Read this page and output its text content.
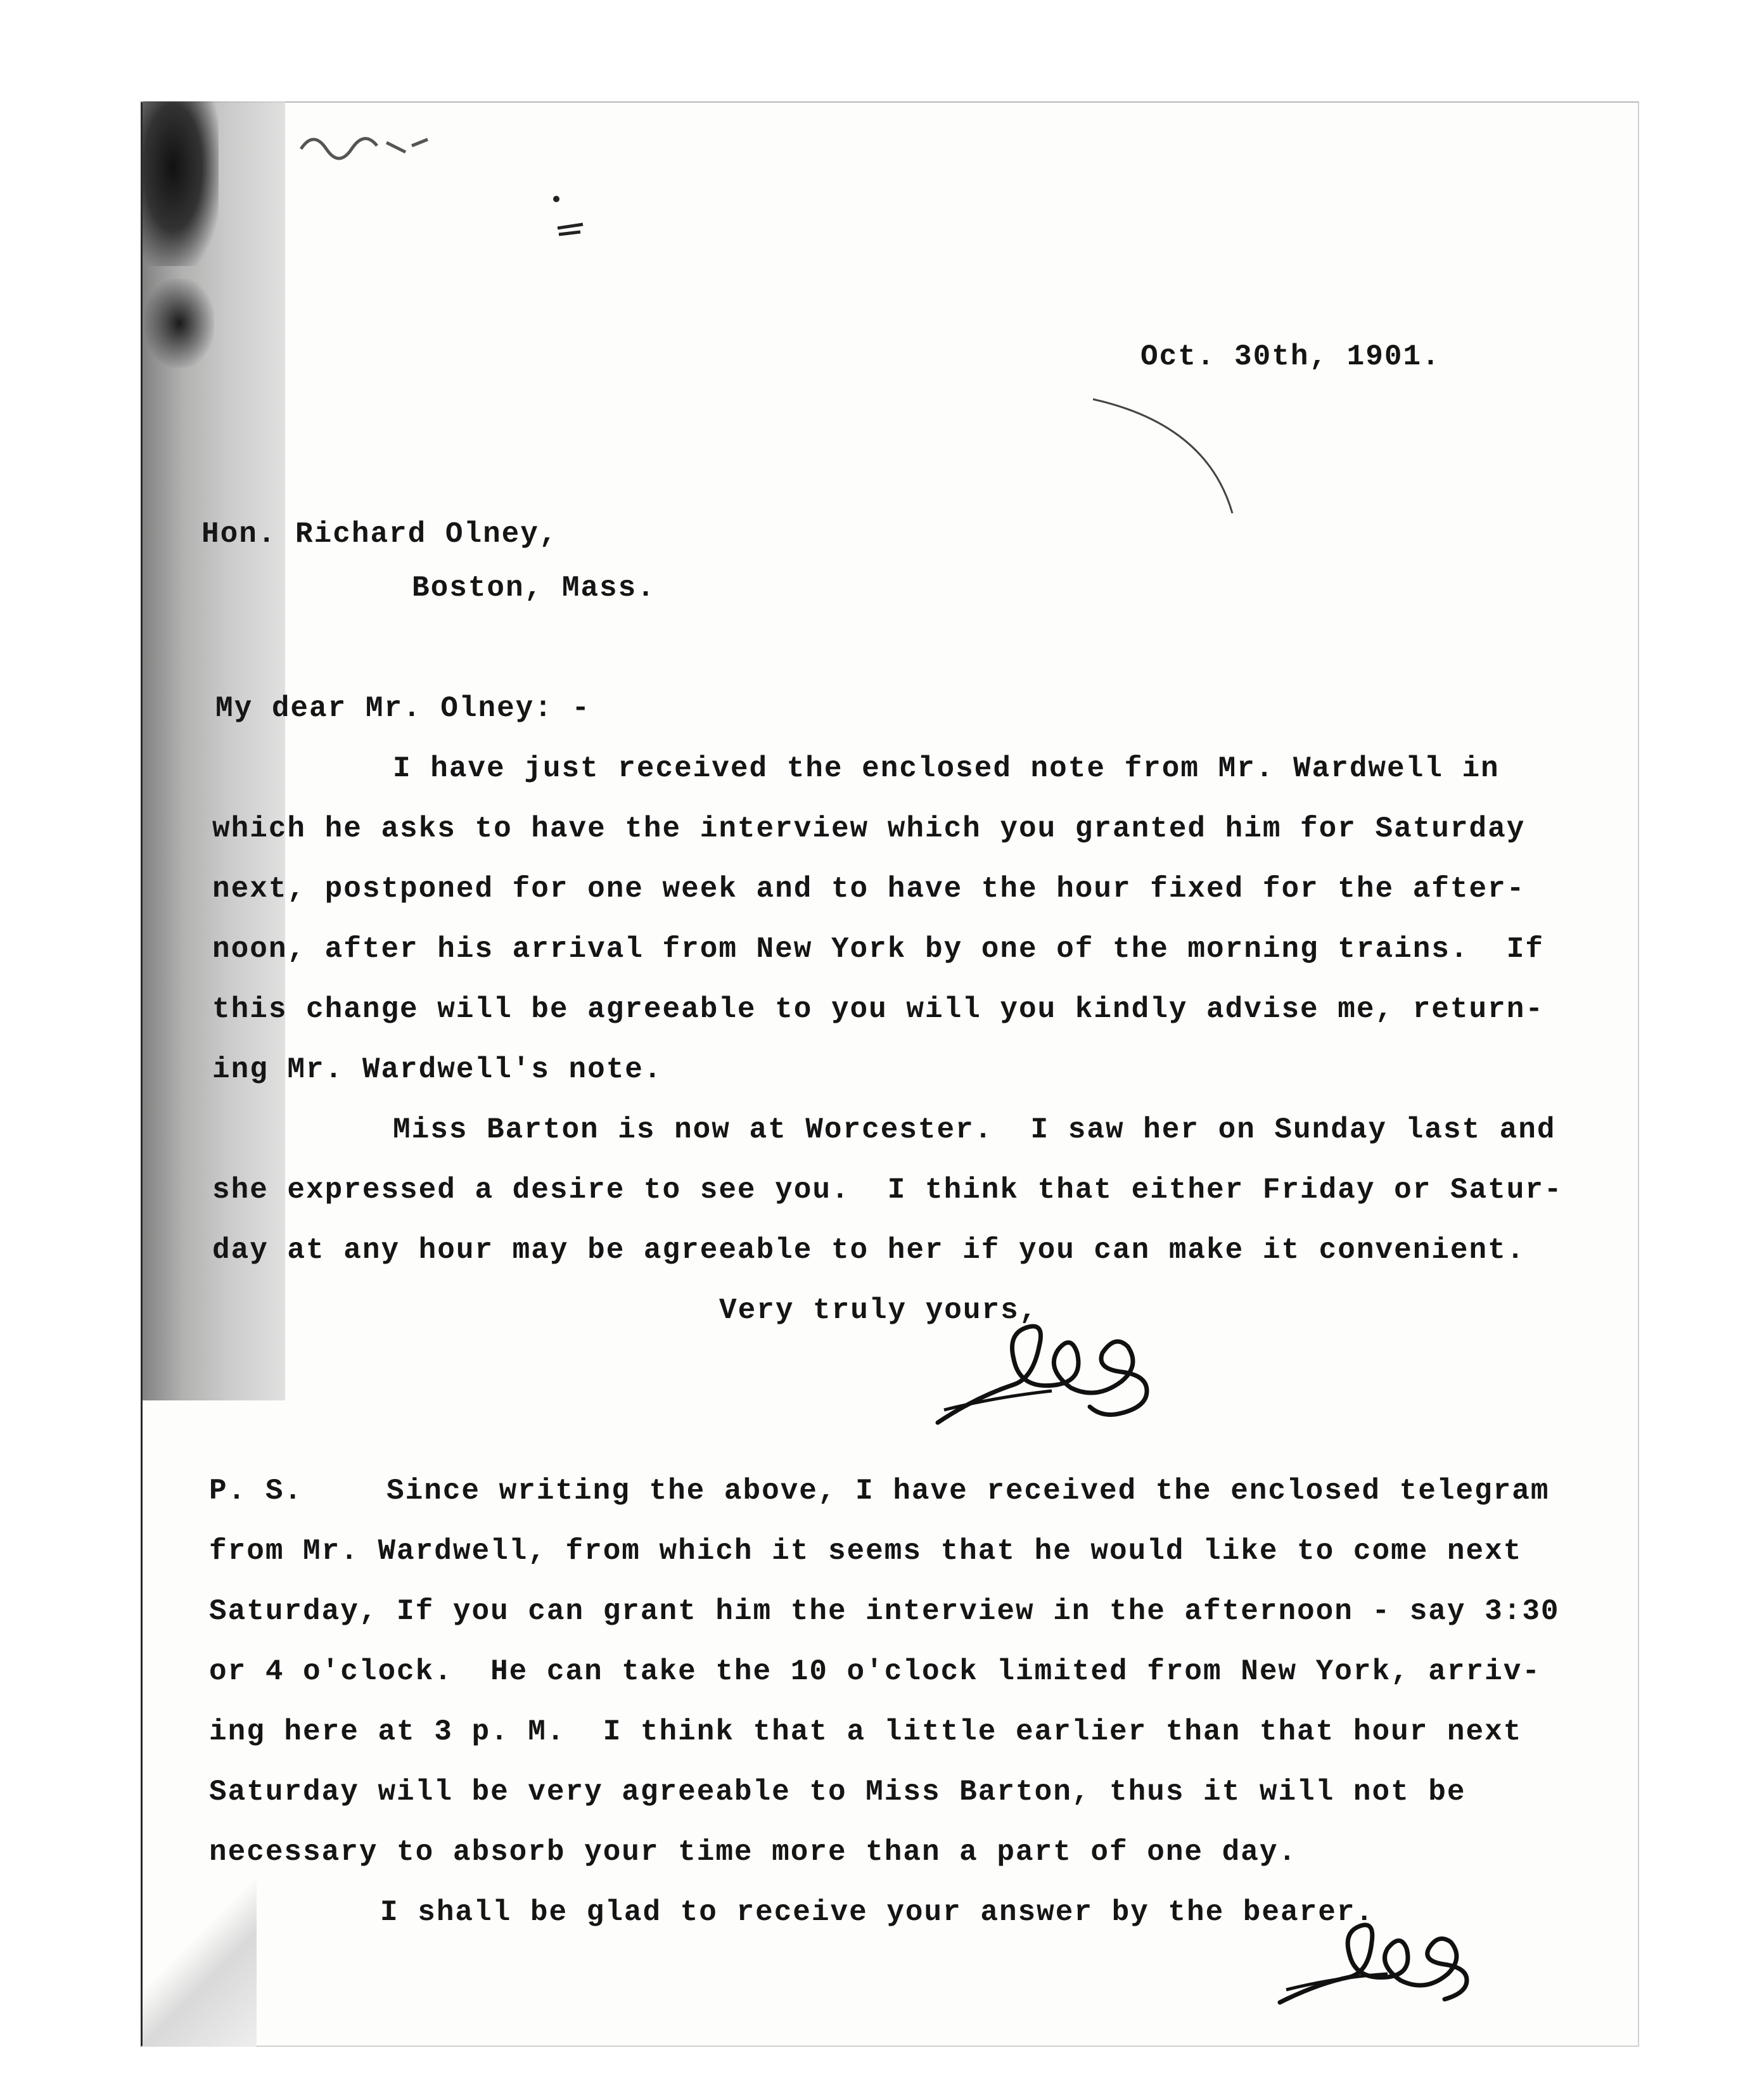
Oct. 30th, 1901.
Hon. Richard Olney,
Boston, Mass.
My dear Mr. Olney: -
I have just received the enclosed note from Mr. Wardwell in
which he asks to have the interview which you granted him for Saturday
next, postponed for one week and to have the hour fixed for the after-
noon, after his arrival from New York by one of the morning trains.  If
this change will be agreeable to you will you kindly advise me, return-
ing Mr. Wardwell's note.
Miss Barton is now at Worcester.  I saw her on Sunday last and
she expressed a desire to see you.  I think that either Friday or Satur-
day at any hour may be agreeable to her if you can make it convenient.
Very truly yours,
P. S.	Since writing the above, I have received the enclosed telegram
from Mr. Wardwell, from which it seems that he would like to come next
Saturday, If you can grant him the interview in the afternoon - say 3:30
or 4 o'clock.  He can take the 10 o'clock limited from New York, arriv-
ing here at 3 p. M.  I think that a little earlier than that hour next
Saturday will be very agreeable to Miss Barton, thus it will not be
necessary to absorb your time more than a part of one day.
I shall be glad to receive your answer by the bearer.
